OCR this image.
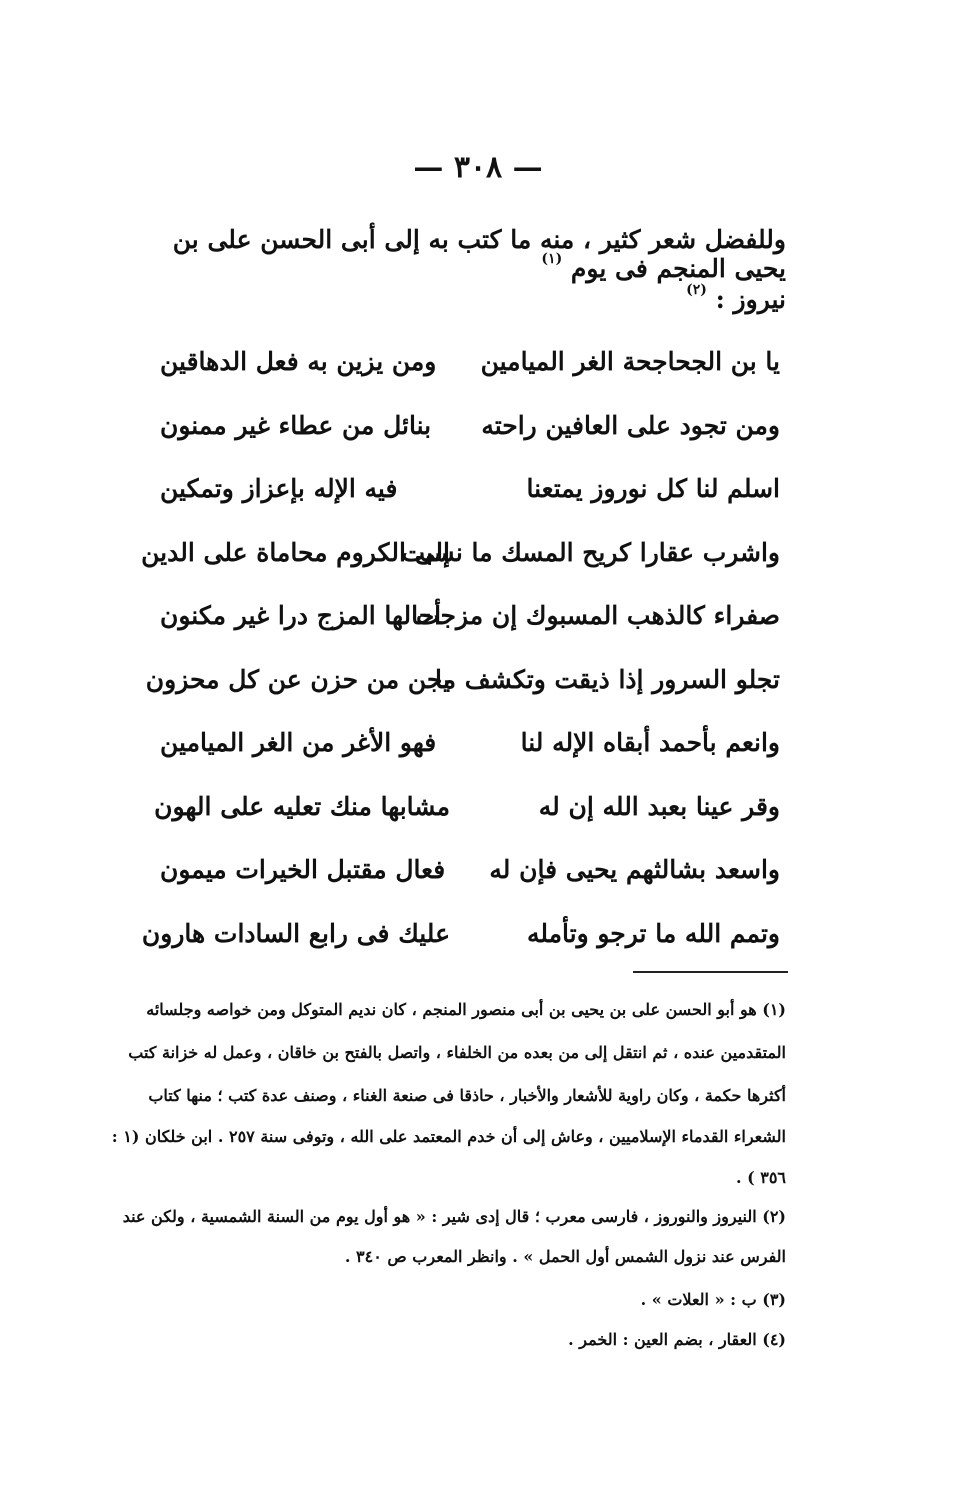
— ٣٠٨ —
وللفضل شعر كثير ، منه ما كتب به إلى أبى الحسن على بن يحيى المنجم فى يوم $^{(١)}$
نيروز : $^{(٢)}$
يا بن الجحاجحة الغر الميامين
ومن يزين به فعل الدهاقين
ومن تجود على العافين راحته
بنائل من عطاء غير ممنون
اسلم لنا كل نوروز يمتعنا
فيه الإله بإعزاز وتمكين
واشرب عقارا كريح المسك ما نسبت
إلى الكروم محاماة على الدين
صفراء كالذهب المسبوك إن مزجت
أحالها المزج درا غير مكنون
تجلو السرور إذا ذيقت وتكشف ما
يجن من حزن عن كل محزون
وانعم بأحمد أبقاه الإله لنا
فهو الأغر من الغر الميامين
وقر عينا بعبد الله إن له
مشابها منك تعليه على الهون
واسعد بشالثهم يحيى فإن له
فعال مقتبل الخيرات ميمون
وتمم الله ما ترجو وتأمله
عليك فى رابع السادات هارون
(١) هو أبو الحسن على بن يحيى بن أبى منصور المنجم ، كان نديم المتوكل ومن خواصه وجلسائه
المتقدمين عنده ، ثم انتقل إلى من بعده من الخلفاء ، واتصل بالفتح بن خاقان ، وعمل له خزانة كتب
أكثرها حكمة ، وكان راوية للأشعار والأخبار ، حاذقا فى صنعة الغناء ، وصنف عدة كتب ؛ منها كتاب
الشعراء القدماء الإسلاميين ، وعاش إلى أن خدم المعتمد على الله ، وتوفى سنة ٢٥٧ . ابن خلكان (١ :
٣٥٦ ) .
(٢) النيروز والنوروز ، فارسى معرب ؛ قال إدى شير : « هو أول يوم من السنة الشمسية ، ولكن عند
الفرس عند نزول الشمس أول الحمل » . وانظر المعرب ص ٣٤٠ .
(٣) ب : « العلات » .
(٤) العقار ، بضم العين : الخمر .
